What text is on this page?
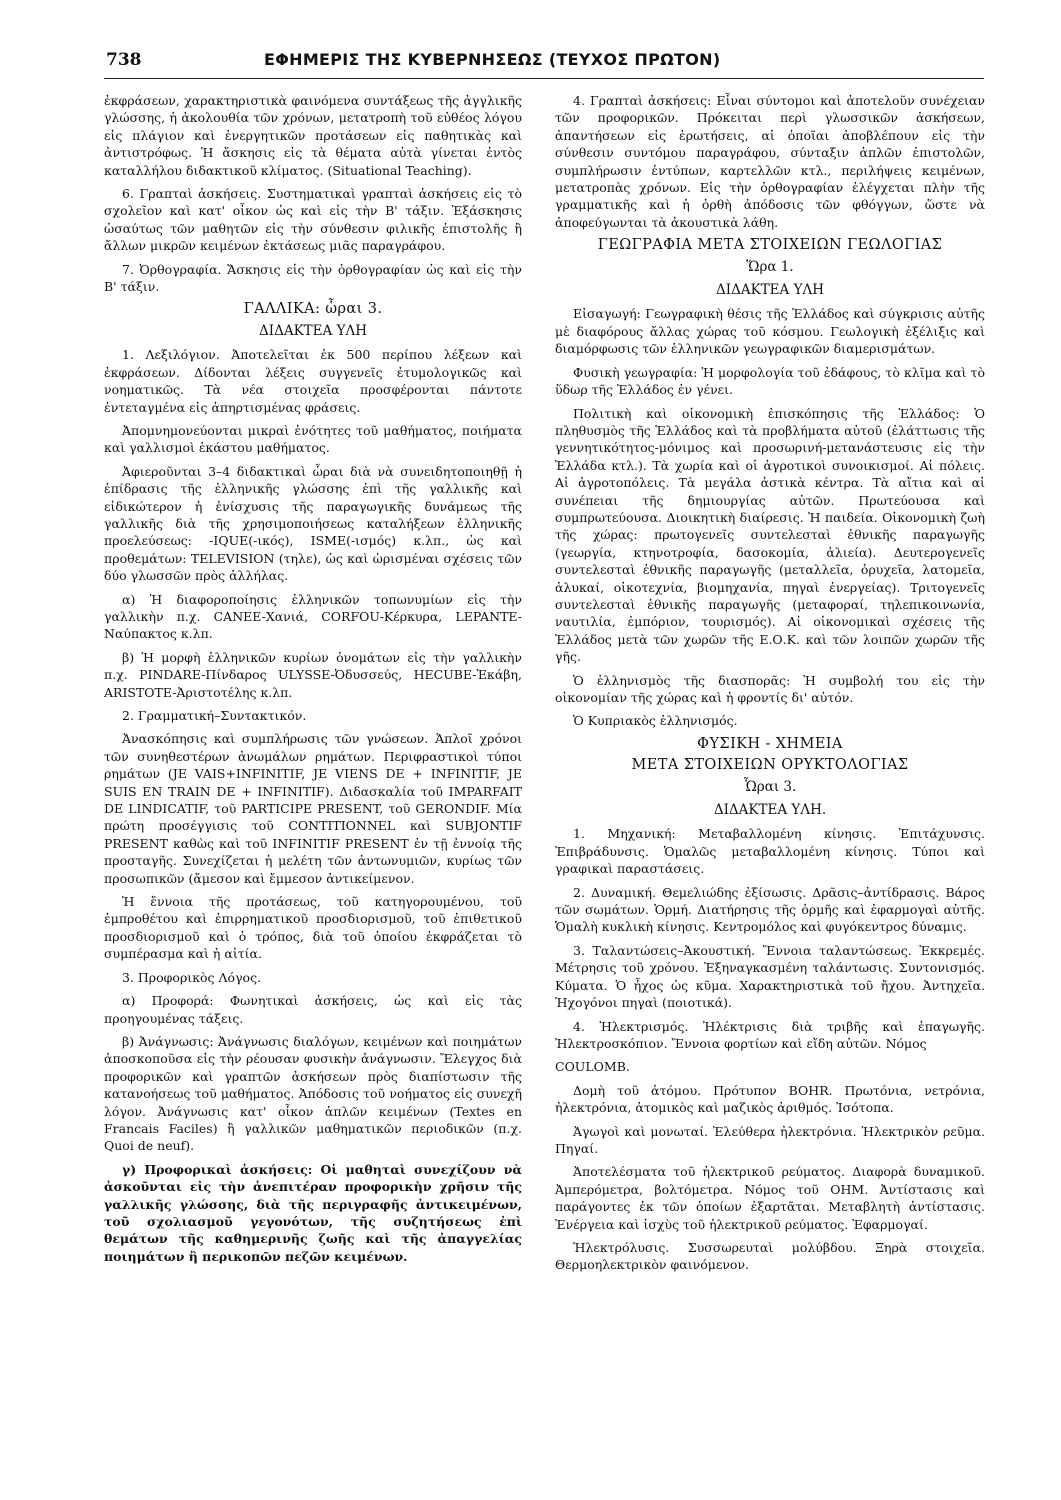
738	ΕΦΗΜΕΡΙΣ ΤΗΣ ΚΥΒΕΡΝΗΣΕΩΣ (ΤΕΥΧΟΣ ΠΡΩΤΟΝ)

ἐκφράσεων, χαρακτηριστικὰ φαινόμενα συντάξεως τῆς ἀγγλικῆς γλώσσης, ἡ ἀκολουθία τῶν χρόνων, μετατροπὴ τοῦ εὐθέος λόγου εἰς πλάγιον καὶ ἐνεργητικῶν προτάσεων εἰς παθητικὰς καὶ ἀντιστρόφως. Ἡ ἄσκησις εἰς τὰ θέματα αὐτὰ γίνεται ἐντὸς καταλλήλου διδακτικοῦ κλίματος. (Situational Teaching).

6. Γραπταὶ ἀσκήσεις. Συστηματικαὶ γραπταὶ ἀσκήσεις εἰς τὸ σχολεῖον καὶ κατ' οἶκον ὡς καὶ εἰς τὴν Β' τάξιν. Ἐξάσκησις ὡσαύτως τῶν μαθητῶν εἰς τὴν σύνθεσιν φιλικῆς ἐπιστολῆς ἢ ἄλλων μικρῶν κειμένων ἐκτάσεως μιᾶς παραγράφου.

7. Ὀρθογραφία. Ἄσκησις εἰς τὴν ὀρθογραφίαν ὡς καὶ εἰς τὴν Β' τάξιν.

ΓΑΛΛΙΚΑ: ὧραι 3.
ΔΙΔΑΚΤΕΑ ΥΛΗ

1. Λεξιλόγιον. Ἀποτελεῖται ἐκ 500 περίπου λέξεων καὶ ἐκφράσεων. Δίδονται λέξεις συγγενεῖς ἐτυμολογικῶς καὶ νοηματικῶς. Τὰ νέα στοιχεῖα προσφέρονται πάντοτε ἐντεταγμένα εἰς ἀπηρτισμένας φράσεις.

Ἀπομνημονεύονται μικραὶ ἑνότητες τοῦ μαθήματος, ποιήματα καὶ γαλλισμοὶ ἑκάστου μαθήματος.

Ἀφιεροῦνται 3–4 διδακτικαὶ ὧραι διὰ νὰ συνειδητοποιηθῇ ἡ ἐπίδρασις τῆς ἑλληνικῆς γλώσσης ἐπὶ τῆς γαλλικῆς καὶ εἰδικώτερον ἡ ἐνίσχυσις τῆς παραγωγικῆς δυνάμεως τῆς γαλλικῆς διὰ τῆς χρησιμοποιήσεως καταλήξεων ἑλληνικῆς προελεύσεως: -IQUE(-ικός), ISME(-ισμός) κ.λπ., ὡς καὶ προθεμάτων: TELEVISION (τηλε), ὡς καὶ ὡρισμέναι σχέσεις τῶν δύο γλωσσῶν πρὸς ἀλλήλας.

α) Ἡ διαφοροποίησις ἑλληνικῶν τοπωνυμίων εἰς τὴν γαλλικὴν π.χ. CANEE-Χανιά, CORFOU-Κέρκυρα, LEPANTE-Ναύπακτος κ.λπ.

β) Ἡ μορφὴ ἑλληνικῶν κυρίων ὀνομάτων εἰς τὴν γαλλικὴν π.χ. PINDARE-Πίνδαρος ULYSSE-Ὀδυσσεύς, HECUBE-Ἑκάβη, ARISTOTE-Ἀριστοτέλης κ.λπ.

2. Γραμματική–Συντακτικόν.

Ἀνασκόπησις καὶ συμπλήρωσις τῶν γνώσεων. Ἁπλοῖ χρόνοι τῶν συνηθεστέρων ἀνωμάλων ρημάτων. Περιφραστικοὶ τύποι ρημάτων (JE VAIS+INFINITIF, JE VIENS DE + INFINITIF, JE SUIS EN TRAIN DE + INFINITIF). Διδασκαλία τοῦ IMPARFAIT DE LINDICATIF, τοῦ PARTICIPE PRESENT, τοῦ GERONDIF. Μία πρώτη προσέγγισις τοῦ CONTITIONNEL καὶ SUBJONTIF PRESENT καθὼς καὶ τοῦ INFINITIF PRESENT ἐν τῇ ἐννοίᾳ τῆς προσταγῆς. Συνεχίζεται ἡ μελέτη τῶν ἀντωνυμιῶν, κυρίως τῶν προσωπικῶν (ἄμεσον καὶ ἔμμεσον ἀντικείμενον.

Ἡ ἔννοια τῆς προτάσεως, τοῦ κατηγορουμένου, τοῦ ἐμπροθέτου καὶ ἐπιρρηματικοῦ προσδιορισμοῦ, τοῦ ἐπιθετικοῦ προσδιορισμοῦ καὶ ὁ τρόπος, διὰ τοῦ ὁποίου ἐκφράζεται τὸ συμπέρασμα καὶ ἡ αἰτία.

3. Προφορικὸς Λόγος.

α) Προφορά: Φωνητικαὶ ἀσκήσεις, ὡς καὶ εἰς τὰς προηγουμένας τάξεις.

β) Ἀνάγνωσις: Ἀνάγνωσις διαλόγων, κειμένων καὶ ποιημάτων ἀποσκοποῦσα εἰς τὴν ρέουσαν φυσικὴν ἀνάγνωσιν. Ἔλεγχος διὰ προφορικῶν καὶ γραπτῶν ἀσκήσεων πρὸς διαπίστωσιν τῆς κατανοήσεως τοῦ μαθήματος. Ἀπόδοσις τοῦ νοήματος εἰς συνεχῆ λόγον. Ἀνάγνωσις κατ' οἶκον ἁπλῶν κειμένων (Textes en Francais Faciles) ἢ γαλλικῶν μαθηματικῶν περιοδικῶν (π.χ. Quoi de neuf).

γ) Προφορικαὶ ἀσκήσεις: Οἱ μαθηταὶ συνεχίζουν νὰ ἀσκοῦνται εἰς τὴν ἀνεπιτέραν προφορικὴν χρῆσιν τῆς γαλλικῆς γλώσσης, διὰ τῆς περιγραφῆς ἀντικειμένων, τοῦ σχολιασμοῦ γεγονότων, τῆς συζητήσεως ἐπὶ θεμάτων τῆς καθημερινῆς ζωῆς καὶ τῆς ἀπαγγελίας ποιημάτων ἢ περικοπῶν πεζῶν κειμένων.

4. Γραπταὶ ἀσκήσεις: Εἶναι σύντομοι καὶ ἀποτελοῦν συνέχειαν τῶν προφορικῶν. Πρόκειται περὶ γλωσσικῶν ἀσκήσεων, ἀπαντήσεων εἰς ἐρωτήσεις, αἱ ὁποῖαι ἀποβλέπουν εἰς τὴν σύνθεσιν συντόμου παραγράφου, σύνταξιν ἁπλῶν ἐπιστολῶν, συμπλήρωσιν ἐντύπων, καρτελλῶν κτλ., περιλήψεις κειμένων, μετατροπὰς χρόνων. Εἰς τὴν ὀρθογραφίαν ἐλέγχεται πλὴν τῆς γραμματικῆς καὶ ἡ ὀρθὴ ἀπόδοσις τῶν φθόγγων, ὥστε νὰ ἀποφεύγωνται τὰ ἀκουστικὰ λάθη.

ΓΕΩΓΡΑΦΙΑ ΜΕΤΑ ΣΤΟΙΧΕΙΩΝ ΓΕΩΛΟΓΙΑΣ
Ὥρα 1.
ΔΙΔΑΚΤΕΑ ΥΛΗ

Εἰσαγωγή: Γεωγραφικὴ θέσις τῆς Ἑλλάδος καὶ σύγκρισις αὐτῆς μὲ διαφόρους ἄλλας χώρας τοῦ κόσμου. Γεωλογικὴ ἐξέλιξις καὶ διαμόρφωσις τῶν ἑλληνικῶν γεωγραφικῶν διαμερισμάτων.

Φυσικὴ γεωγραφία: Ἡ μορφολογία τοῦ ἐδάφους, τὸ κλῖμα καὶ τὸ ὕδωρ τῆς Ἑλλάδος ἐν γένει.

Πολιτικὴ καὶ οἰκονομικὴ ἐπισκόπησις τῆς Ἑλλάδος: Ὁ πληθυσμὸς τῆς Ἑλλάδος καὶ τὰ προβλήματα αὐτοῦ (ἐλάττωσις τῆς γεννητικότητος-μόνιμος καὶ προσωρινή-μετανάστευσις εἰς τὴν Ἑλλάδα κτλ.). Τὰ χωρία καὶ οἱ ἀγροτικοὶ συνοικισμοί. Αἱ πόλεις. Αἱ ἀγροτοπόλεις. Τὰ μεγάλα ἀστικὰ κέντρα. Τὰ αἴτια καὶ αἱ συνέπειαι τῆς δημιουργίας αὐτῶν. Πρωτεύουσα καὶ συμπρωτεύουσα. Διοικητικὴ διαίρεσις. Ἡ παιδεία. Οἰκονομικὴ ζωὴ τῆς χώρας: πρωτογενεῖς συντελεσταὶ ἐθνικῆς παραγωγῆς (γεωργία, κτηνοτροφία, δασοκομία, ἁλιεία). Δευτερογενεῖς συντελεσταὶ ἐθνικῆς παραγωγῆς (μεταλλεῖα, ὀρυχεῖα, λατομεῖα, ἁλυκαί, οἰκοτεχνία, βιομηχανία, πηγαὶ ἐνεργείας). Τριτογενεῖς συντελεσταὶ ἐθνικῆς παραγωγῆς (μεταφοραί, τηλεπικοινωνία, ναυτιλία, ἐμπόριον, τουρισμός). Αἱ οἰκονομικαὶ σχέσεις τῆς Ἑλλάδος μετὰ τῶν χωρῶν τῆς Ε.Ο.Κ. καὶ τῶν λοιπῶν χωρῶν τῆς γῆς.

Ὁ ἑλληνισμὸς τῆς διασπορᾶς: Ἡ συμβολή του εἰς τὴν οἰκονομίαν τῆς χώρας καὶ ἡ φροντίς δι' αὐτόν.

Ὁ Κυπριακὸς ἑλληνισμός.

ΦΥΣΙΚΗ - ΧΗΜΕΙΑ
ΜΕΤΑ ΣΤΟΙΧΕΙΩΝ ΟΡΥΚΤΟΛΟΓΙΑΣ
Ὧραι 3.
ΔΙΔΑΚΤΕΑ ΥΛΗ.

1. Μηχανική: Μεταβαλλομένη κίνησις. Ἐπιτάχυνσις. Ἐπιβράδυνσις. Ὁμαλῶς μεταβαλλομένη κίνησις. Τύποι καὶ γραφικαὶ παραστάσεις.

2. Δυναμική. Θεμελιώδης ἐξίσωσις. Δρᾶσις–ἀντίδρασις. Βάρος τῶν σωμάτων. Ὁρμή. Διατήρησις τῆς ὁρμῆς καὶ ἐφαρμογαὶ αὐτῆς. Ὁμαλὴ κυκλικὴ κίνησις. Κεντρομόλος καὶ φυγόκεντρος δύναμις.

3. Ταλαντώσεις–Ἀκουστική. Ἔννοια ταλαντώσεως. Ἐκκρεμές. Μέτρησις τοῦ χρόνου. Ἐξηναγκασμένη ταλάντωσις. Συντονισμός. Κύματα. Ὁ ἦχος ὡς κῦμα. Χαρακτηριστικὰ τοῦ ἤχου. Ἀντηχεῖα. Ἠχογόνοι πηγαὶ (ποιοτικά).

4. Ἠλεκτρισμός. Ἠλέκτρισις διὰ τριβῆς καὶ ἐπαγωγῆς. Ἠλεκτροσκόπιον. Ἔννοια φορτίων καὶ εἴδη αὐτῶν. Νόμος

COULOMB.

Δομὴ τοῦ ἀτόμου. Πρότυπον BOHR. Πρωτόνια, νετρόνια, ἠλεκτρόνια, ἀτομικὸς καὶ μαζικὸς ἀριθμός. Ἰσότοπα.

Ἀγωγοὶ καὶ μονωταί. Ἐλεύθερα ἠλεκτρόνια. Ἠλεκτρικὸν ρεῦμα. Πηγαί.

Ἀποτελέσματα τοῦ ἠλεκτρικοῦ ρεύματος. Διαφορὰ δυναμικοῦ. Ἀμπερόμετρα, βολτόμετρα. Νόμος τοῦ OHM. Ἀντίστασις καὶ παράγοντες ἐκ τῶν ὁποίων ἐξαρτᾶται. Μεταβλητὴ ἀντίστασις. Ἐνέργεια καὶ ἰσχὺς τοῦ ἠλεκτρικοῦ ρεύματος. Ἐφαρμογαί.

Ἠλεκτρόλυσις. Συσσωρευταὶ μολύβδου. Ξηρὰ στοιχεῖα. Θερμοηλεκτρικὸν φαινόμενον.
